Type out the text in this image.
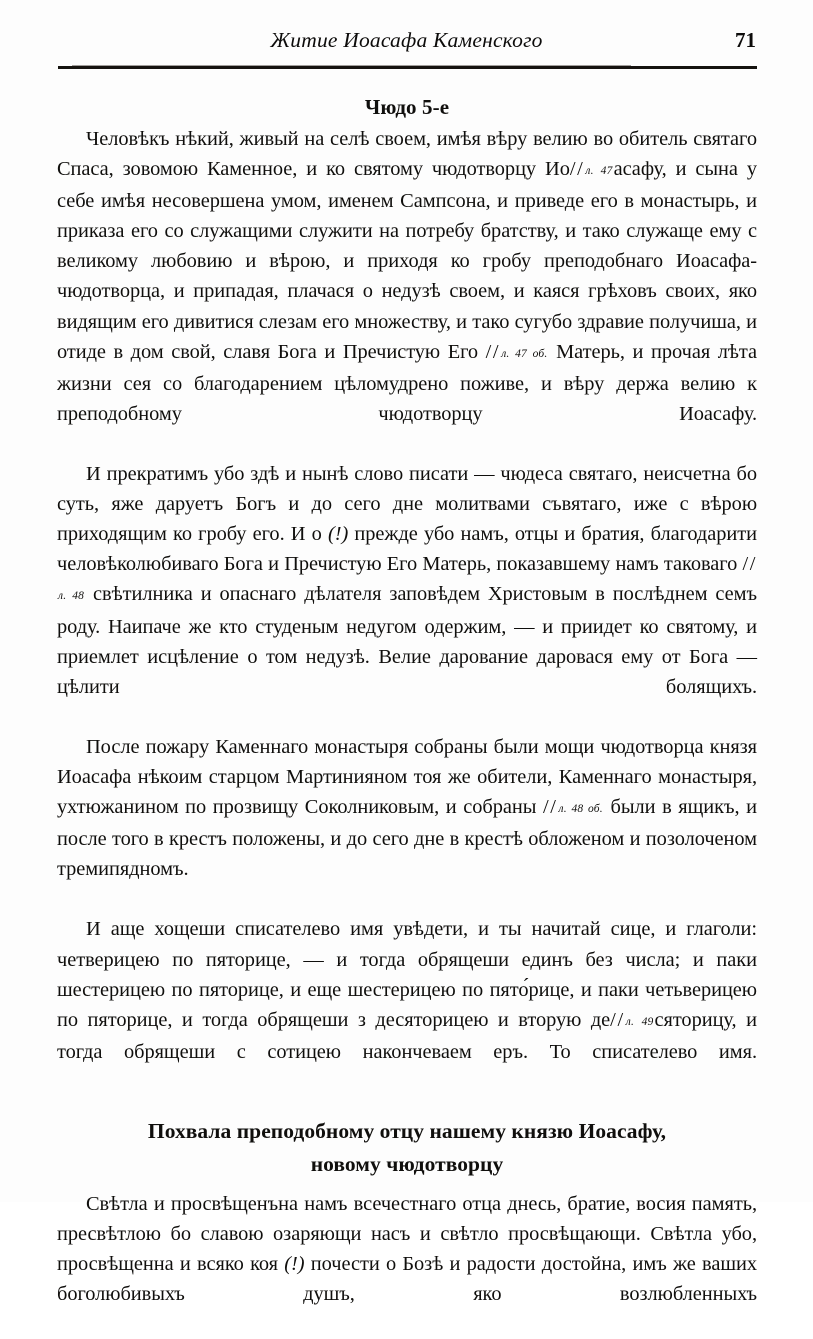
Житие Иоасафа Каменского	71
Чюдо 5-е

Человѣкъ нѣкий, живый на селѣ своем, имѣя вѣру велию во обитель святаго Спаса, зовомою Каменное, и ко святому чюдотворцу Ио/ / л. 47асафу, и сына у себе имѣя несовершена умом, именем Сампсона, и приведе его в монастырь, и приказа его со служащими служити на потребу братству, и тако служаще ему с великому любовию и вѣрою, и приходя ко гробу преподобнаго Иоасафа-чюдотворца, и припадая, плачася о недузѣ своем, и каяся грѣховъ своих, яко видящим его дивитися слезам его множеству, и тако сугубо здравие получиша, и отиде в дом свой, славя Бога и Пречистую Его / / л. 47 об. Матерь, и прочая лѣта жизни сея со благодарением цѣломудрено поживе, и вѣру держа велию к преподобному чюдотворцу Иоасафу.

И прекратимъ убо здѣ и нынѣ слово писати — чюдеса святаго, неисчетна бо суть, яже даруетъ Богъ и до сего дне молитвами съвятаго, иже с вѣрою приходящим ко гробу его. И о (!) прежде убо намъ, отцы и братия, благодарити человѣколюбиваго Бога и Пречистую Его Матерь, показавшему намъ таковаго / / л. 48 свѣтилника и опаснаго дѣлателя заповѣдем Христовым в послѣднем семъ роду. Наипаче же кто студеным недугом одержим, — и приидет ко святому, и приемлет исцѣление о том недузѣ. Велие дарование даровася ему от Бога — цѣлити болящихъ.

После пожару Каменнаго монастыря собраны были мощи чюдотворца князя Иоасафа нѣкоим старцом Мартинияном тоя же обители, Каменнаго монастыря, ухтюжанином по прозвищу Соколниковым, и собраны / / л. 48 об. были в ящикъ, и после того в крестъ положены, и до сего дне в крестѣ обложеном и позолоченом тремипядномъ.

И аще хощеши списателево имя увѣдети, и ты начитай сице, и глаголи: четверицею по пяторице, — и тогда обрящеши единъ без числа; и паки шестерицею по пяторице, и еще шестерицею по пято́рице, и паки четьверицею по пяторице, и тогда обрящеши з десяторицею и вторую де/ / л. 49сяторицу, и тогда обрящеши с сотицею накончеваем еръ. То списателево имя.

Похвала преподобному отцу нашему князю Иоасафу,
новому чюдотворцу

Свѣтла и просвѣщенъна намъ всечестнаго отца днесь, братие, восия память, пресвѣтлою бо славою озаряющи насъ и свѣтло просвѣщающи. Свѣтла убо, просвѣщенна и всяко коя (!) почести о Бозѣ и радости достойна, имъ же ваших боголюбивыхъ душъ, яко возлюбленныхъ
